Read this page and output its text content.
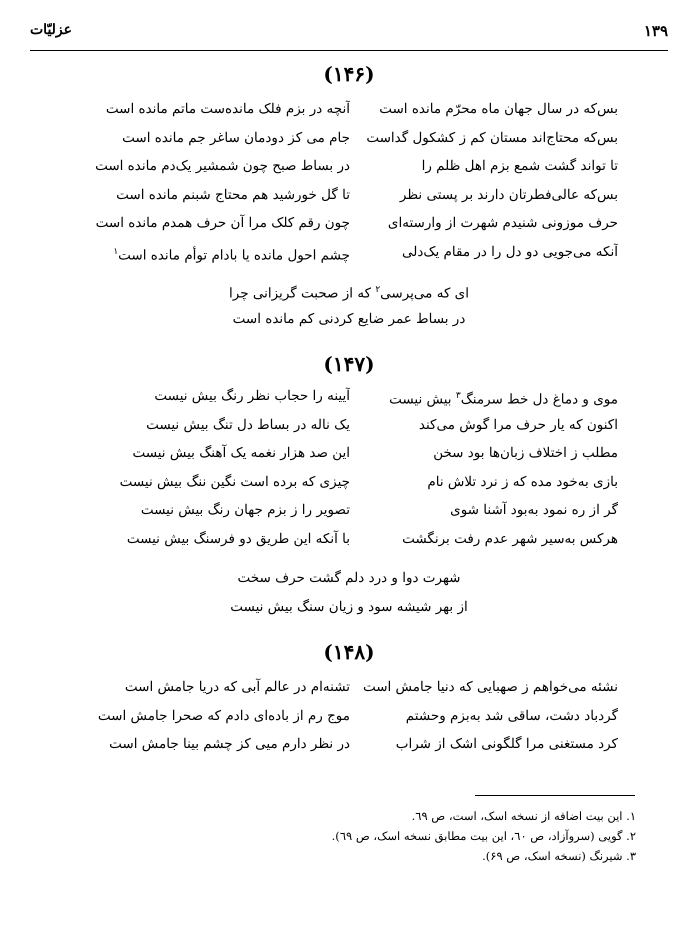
۱۳۹
عزلیّات
(۱۴۶)
بس‌که در سال جهان ماه محرّم مانده است
آنچه در بزم فلک مانده‌ست ماتم مانده است
بس‌که محتاج‌اند مستان کم ز کشکول گداست
جام می کز دودمان ساغر جم مانده است
تا تواند گشت شمع بزم اهل ظلم را
در بساط صبح چون شمشیر یک‌دم مانده است
بس‌که عالی‌فطرتان دارند بر پستی نظر
تا گل خورشید هم محتاج شبنم مانده است
حرف موزونی شنیدم شهرت از وارسته‌ای
چون رقم کلک مرا آن حرف همدم مانده است
آنکه می‌جویی دو دل را در مقام یک‌دلی
چشم احول مانده یا بادام توأم مانده است$^۱$
ای که می‌پرسی$^۲$ که از صحبت گریزانی چرا
در بساط عمر ضایع کردنی کم مانده است
(۱۴۷)
موی و دماغ دل خط سرمنگ$^۳$ بیش نیست
آیینه را حجاب نظر رنگ بیش نیست
اکنون که یار حرف مرا گوش می‌کند
یک ناله در بساط دل تنگ بیش نیست
مطلب ز اختلاف زبان‌ها بود سخن
این صد هزار نغمه یک آهنگ بیش نیست
بازی به‌خود مده که ز نرد تلاش نام
چیزی که برده است نگین ننگ بیش نیست
گر از ره نمود به‌بود آشنا شوی
تصویر را ز بزم جهان رنگ بیش نیست
هرکس به‌سیر شهر عدم رفت برنگشت
با آنکه این طریق دو فرسنگ بیش نیست
شهرت دوا و درد دلم گشت حرف سخت
از بهر شیشه سود و زیان سنگ بیش نیست
(۱۴۸)
نشئه می‌خواهم ز صهبایی که دنیا جامش است
تشنه‌ام در عالم آبی که دریا جامش است
گردباد دشت، ساقی شد به‌بزم وحشتم
موج رم از باده‌ای دادم که صحرا جامش است
کرد مستغنی مرا گلگونی اشک از شراب
در نظر دارم میی کز چشم بینا جامش است
١. این بیت اضافه از نسخه اسک، است، ص ٦٩.
٢. گویی (سروآزاد، ص ٦٠، این بیت مطابق نسخه اسک، ص ٦٩).
٣. شیرنگ (نسخه اسک، ص ۶۹).
